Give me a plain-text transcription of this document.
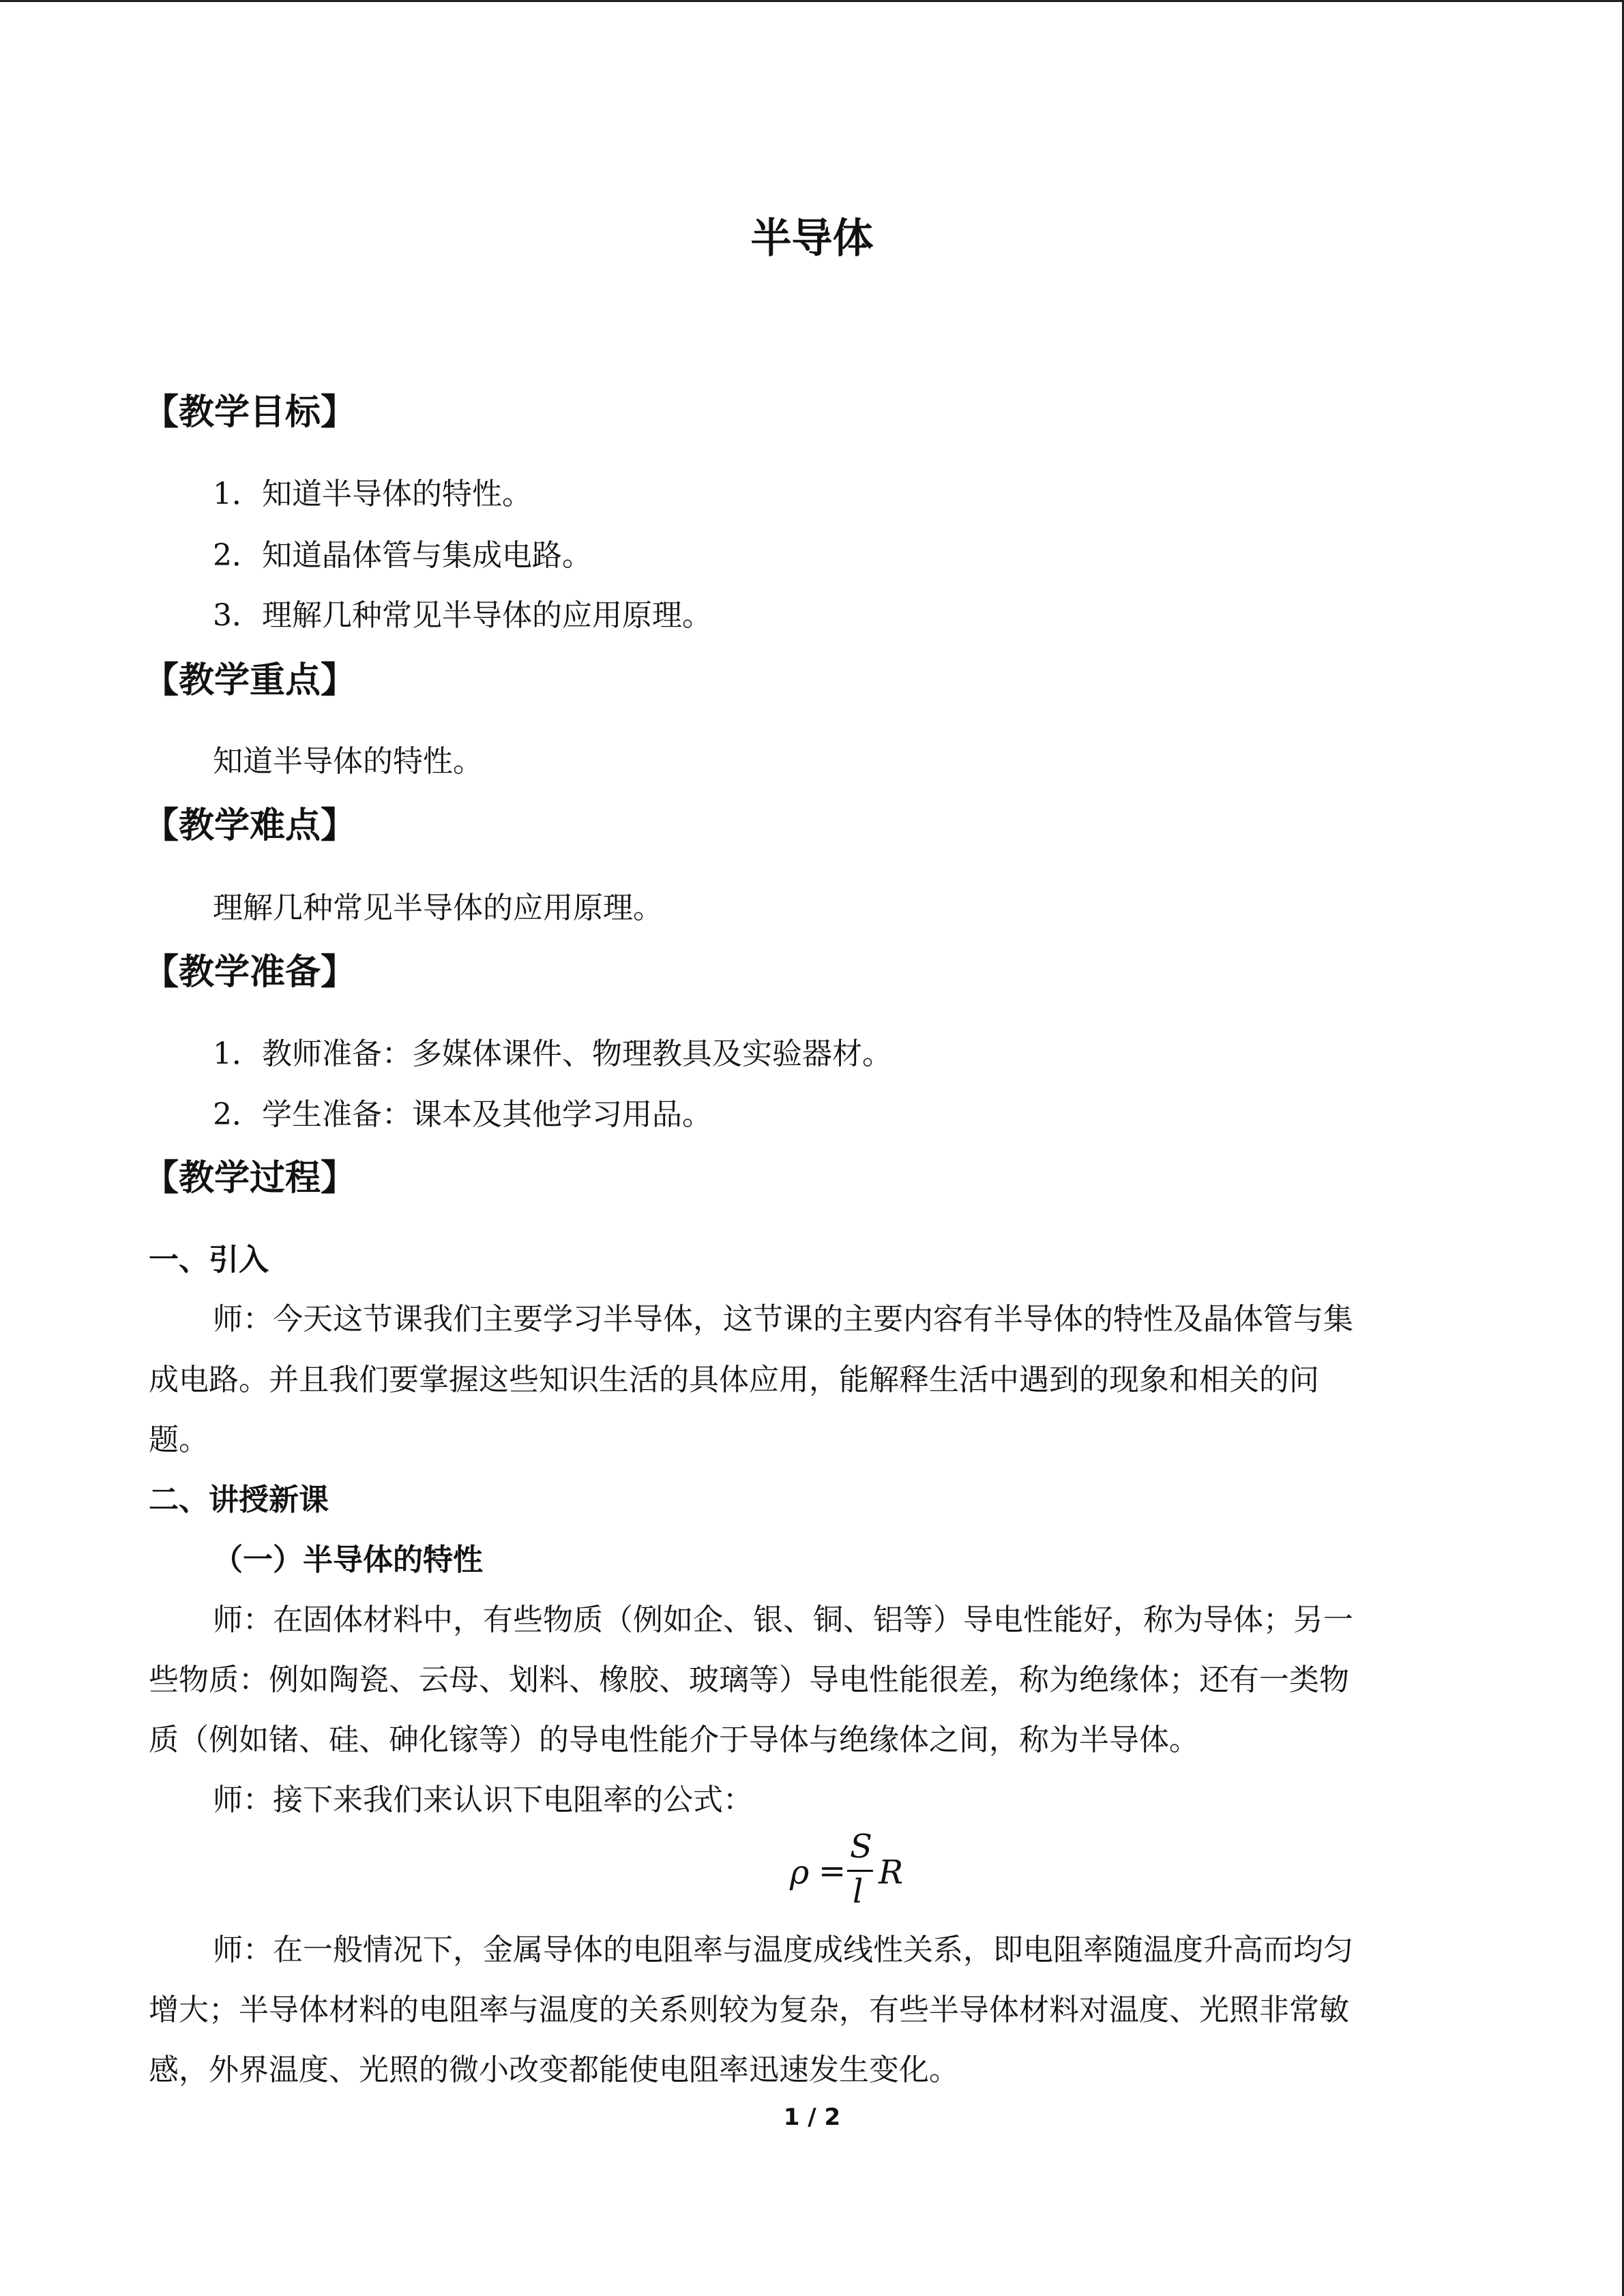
半导体
【教学目标】
1．知道半导体的特性。
2．知道晶体管与集成电路。
3．理解几种常见半导体的应用原理。
【教学重点】
知道半导体的特性。
【教学难点】
理解几种常见半导体的应用原理。
【教学准备】
1．教师准备：多媒体课件、物理教具及实验器材。
2．学生准备：课本及其他学习用品。
【教学过程】
一、引入
师：今天这节课我们主要学习半导体，这节课的主要内容有半导体的特性及晶体管与集
成电路。并且我们要掌握这些知识生活的具体应用，能解释生活中遇到的现象和相关的问
题。
二、讲授新课
（一）半导体的特性
师：在固体材料中，有些物质（例如企、银、铜、铝等）导电性能好，称为导体；另一
些物质：例如陶瓷、云母、划料、橡胶、玻璃等）导电性能很差，称为绝缘体；还有一类物
质（例如锗、硅、砷化镓等）的导电性能介于导体与绝缘体之间，称为半导体。
师：接下来我们来认识下电阻率的公式：
ρ =
S
l R
师：在一般情况下，金属导体的电阻率与温度成线性关系，即电阻率随温度升高而均匀
增大；半导体材料的电阻率与温度的关系则较为复杂，有些半导体材料对温度、光照非常敏
感，外界温度、光照的微小改变都能使电阻率迅速发生变化。
1 / 2
